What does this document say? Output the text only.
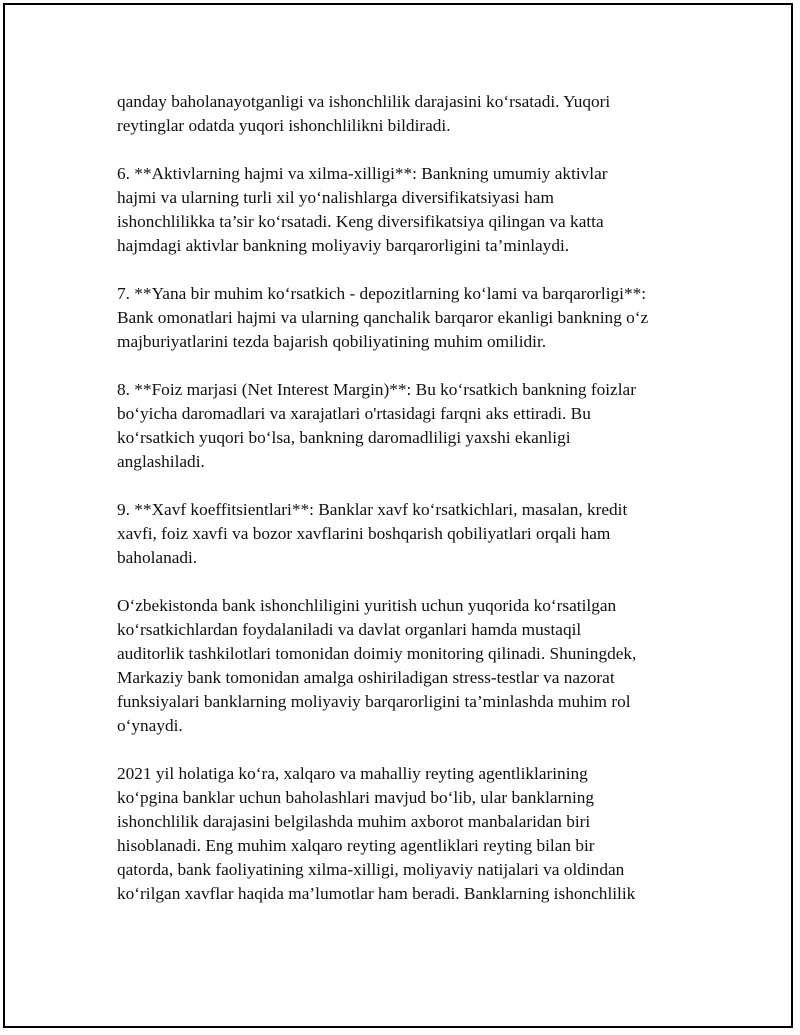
qanday baholanayotganligi va ishonchlilik darajasini ko‘rsatadi. Yuqori
reytinglar odatda yuqori ishonchlilikni bildiradi.

6. **Aktivlarning hajmi va xilma-xilligi**: Bankning umumiy aktivlar
hajmi va ularning turli xil yo‘nalishlarga diversifikatsiyasi ham
ishonchlilikka ta’sir ko‘rsatadi. Keng diversifikatsiya qilingan va katta
hajmdagi aktivlar bankning moliyaviy barqarorligini ta’minlaydi.

7. **Yana bir muhim ko‘rsatkich - depozitlarning ko‘lami va barqarorligi**:
Bank omonatlari hajmi va ularning qanchalik barqaror ekanligi bankning o‘z
majburiyatlarini tezda bajarish qobiliyatining muhim omilidir.

8. **Foiz marjasi (Net Interest Margin)**: Bu ko‘rsatkich bankning foizlar
bo‘yicha daromadlari va xarajatlari o'rtasidagi farqni aks ettiradi. Bu
ko‘rsatkich yuqori bo‘lsa, bankning daromadliligi yaxshi ekanligi
anglashiladi.

9. **Xavf koeffitsientlari**: Banklar xavf ko‘rsatkichlari, masalan, kredit
xavfi, foiz xavfi va bozor xavflarini boshqarish qobiliyatlari orqali ham
baholanadi.

O‘zbekistonda bank ishonchliligini yuritish uchun yuqorida ko‘rsatilgan
ko‘rsatkichlardan foydalaniladi va davlat organlari hamda mustaqil
auditorlik tashkilotlari tomonidan doimiy monitoring qilinadi. Shuningdek,
Markaziy bank tomonidan amalga oshiriladigan stress-testlar va nazorat
funksiyalari banklarning moliyaviy barqarorligini ta’minlashda muhim rol
o‘ynaydi.

2021 yil holatiga ko‘ra, xalqaro va mahalliy reyting agentliklarining
ko‘pgina banklar uchun baholashlari mavjud bo‘lib, ular banklarning
ishonchlilik darajasini belgilashda muhim axborot manbalaridan biri
hisoblanadi. Eng muhim xalqaro reyting agentliklari reyting bilan bir
qatorda, bank faoliyatining xilma-xilligi, moliyaviy natijalari va oldindan
ko‘rilgan xavflar haqida ma’lumotlar ham beradi. Banklarning ishonchlilik
